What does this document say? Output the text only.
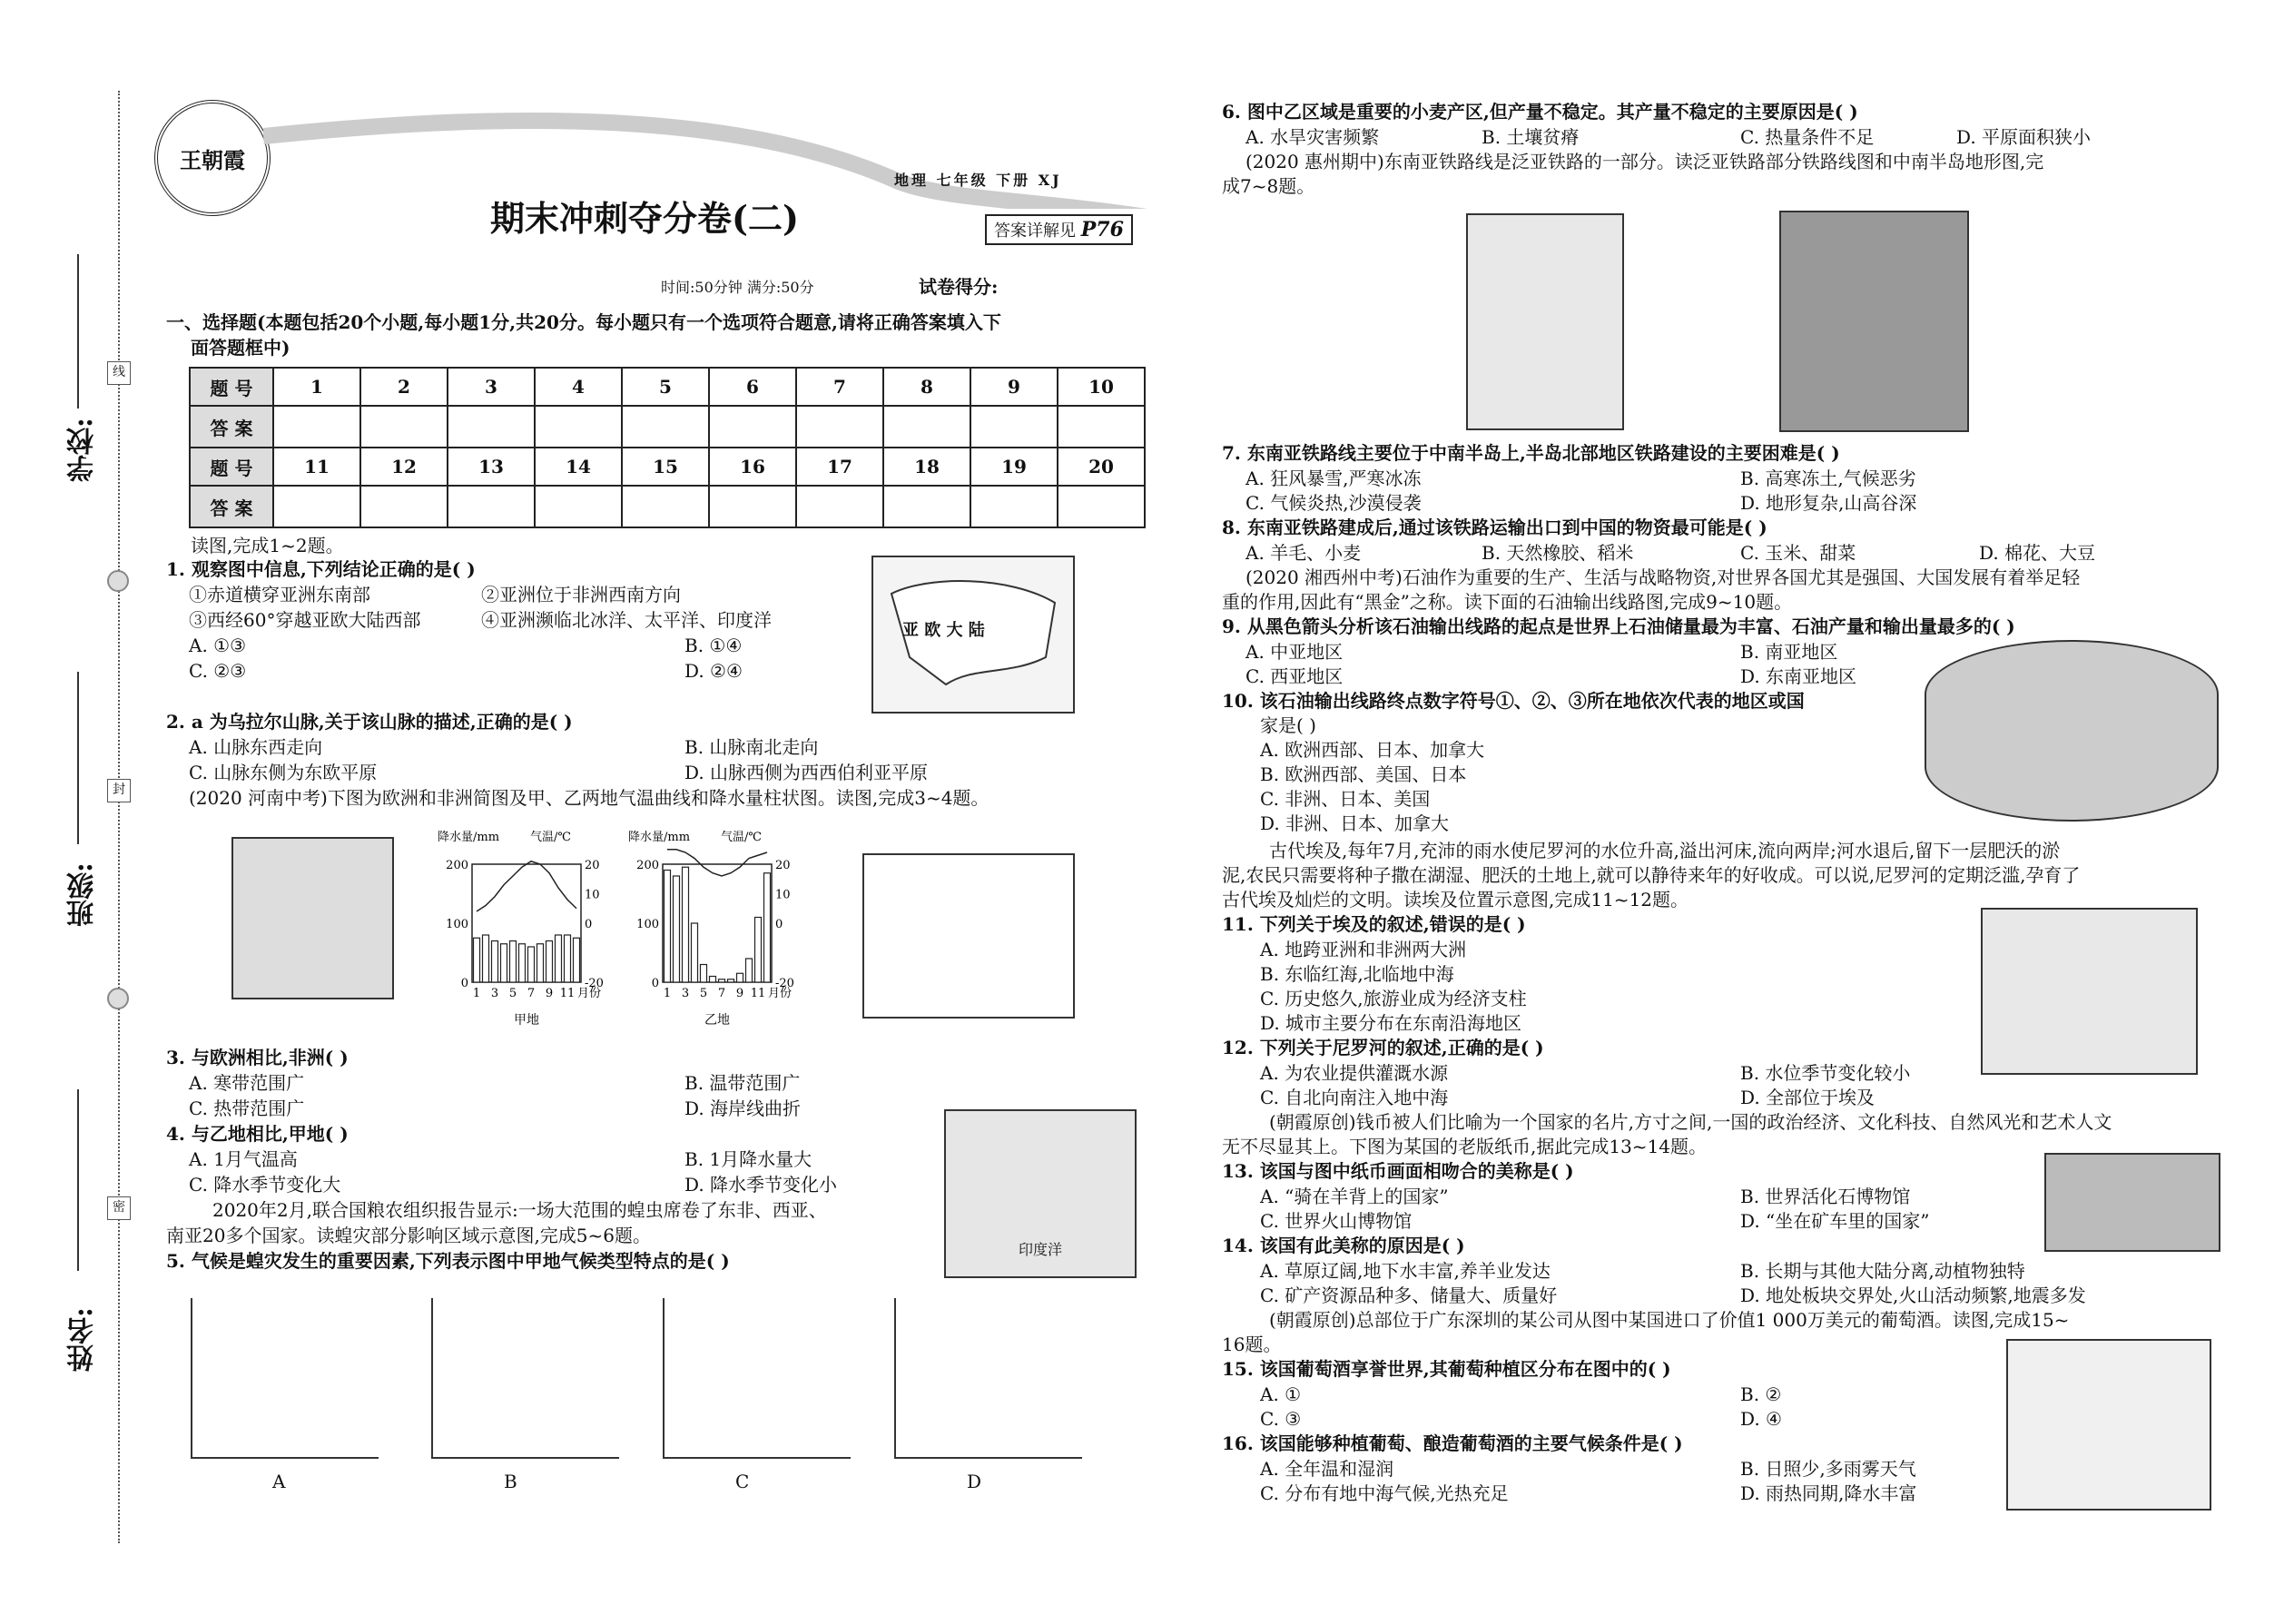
学校:
班级:
姓名:
线
封
密
王朝霞
地理 七年级 下册 XJ
期末冲刺夺分卷(二)	答案详解见 P76
时间:50分钟 满分:50分	试卷得分:
一、选择题(本题包括20个小题,每小题1分,共20分。每小题只有一个选项符合题意,请将正确答案填入下
面答题框中)
题 号	1	2	3	4	5	6	7	8	9	10
答 案										
题 号	11	12	13	14	15	16	17	18	19	20
答 案										
读图,完成1~2题。
1. 观察图中信息,下列结论正确的是( )
①赤道横穿亚洲东南部	②亚洲位于非洲西南方向
③西经60°穿越亚欧大陆西部	④亚洲濒临北冰洋、太平洋、印度洋
A. ①③	B. ①④
C. ②③	D. ②④
亚 欧 大 陆
2. a 为乌拉尔山脉,关于该山脉的描述,正确的是( )
A. 山脉东西走向	B. 山脉南北走向
C. 山脉东侧为东欧平原	D. 山脉西侧为西西伯利亚平原
(2020 河南中考)下图为欧洲和非洲简图及甲、乙两地气温曲线和降水量柱状图。读图,完成3~4题。
降水量/mm	气温/℃
200
100
0
20
10
0
-20
1 3 5 7 9 11 月份
甲地
降水量/mm	气温/℃
200
100
0
20
10
0
-20
1 3 5 7 9 11 月份
乙地
3. 与欧洲相比,非洲( )
A. 寒带范围广	B. 温带范围广
C. 热带范围广	D. 海岸线曲折
4. 与乙地相比,甲地( )
A. 1月气温高	B. 1月降水量大
C. 降水季节变化大	D. 降水季节变化小
2020年2月,联合国粮农组织报告显示:一场大范围的蝗虫席卷了东非、西亚、
南亚20多个国家。读蝗灾部分影响区域示意图,完成5~6题。
印度洋
5. 气候是蝗灾发生的重要因素,下列表示图中甲地气候类型特点的是( )
A	B	C	D
6. 图中乙区域是重要的小麦产区,但产量不稳定。其产量不稳定的主要原因是( )
A. 水旱灾害频繁	B. 土壤贫瘠	C. 热量条件不足	D. 平原面积狭小
(2020 惠州期中)东南亚铁路线是泛亚铁路的一部分。读泛亚铁路部分铁路线图和中南半岛地形图,完
成7~8题。
7. 东南亚铁路线主要位于中南半岛上,半岛北部地区铁路建设的主要困难是( )
A. 狂风暴雪,严寒冰冻	B. 高寒冻土,气候恶劣
C. 气候炎热,沙漠侵袭	D. 地形复杂,山高谷深
8. 东南亚铁路建成后,通过该铁路运输出口到中国的物资最可能是( )
A. 羊毛、小麦	B. 天然橡胶、稻米	C. 玉米、甜菜	D. 棉花、大豆
(2020 湘西州中考)石油作为重要的生产、生活与战略物资,对世界各国尤其是强国、大国发展有着举足轻
重的作用,因此有“黑金”之称。读下面的石油输出线路图,完成9~10题。
9. 从黑色箭头分析该石油输出线路的起点是世界上石油储量最为丰富、石油产量和输出量最多的( )
A. 中亚地区	B. 南亚地区
C. 西亚地区	D. 东南亚地区
10. 该石油输出线路终点数字符号①、②、③所在地依次代表的地区或国
家是( )
A. 欧洲西部、日本、加拿大
B. 欧洲西部、美国、日本
C. 非洲、日本、美国
D. 非洲、日本、加拿大
古代埃及,每年7月,充沛的雨水使尼罗河的水位升高,溢出河床,流向两岸;河水退后,留下一层肥沃的淤
泥,农民只需要将种子撒在湖湿、肥沃的土地上,就可以静待来年的好收成。可以说,尼罗河的定期泛滥,孕育了
古代埃及灿烂的文明。读埃及位置示意图,完成11~12题。
11. 下列关于埃及的叙述,错误的是( )
A. 地跨亚洲和非洲两大洲
B. 东临红海,北临地中海
C. 历史悠久,旅游业成为经济支柱
D. 城市主要分布在东南沿海地区
12. 下列关于尼罗河的叙述,正确的是( )
A. 为农业提供灌溉水源	B. 水位季节变化较小
C. 自北向南注入地中海	D. 全部位于埃及
(朝霞原创)钱币被人们比喻为一个国家的名片,方寸之间,一国的政治经济、文化科技、自然风光和艺术人文
无不尽显其上。下图为某国的老版纸币,据此完成13~14题。
13. 该国与图中纸币画面相吻合的美称是( )
A. “骑在羊背上的国家”	B. 世界活化石博物馆
C. 世界火山博物馆	D. “坐在矿车里的国家”
14. 该国有此美称的原因是( )
A. 草原辽阔,地下水丰富,养羊业发达	B. 长期与其他大陆分离,动植物独特
C. 矿产资源品种多、储量大、质量好	D. 地处板块交界处,火山活动频繁,地震多发
(朝霞原创)总部位于广东深圳的某公司从图中某国进口了价值1 000万美元的葡萄酒。读图,完成15~
16题。
15. 该国葡萄酒享誉世界,其葡萄种植区分布在图中的( )
A. ①	B. ②
C. ③	D. ④
16. 该国能够种植葡萄、酿造葡萄酒的主要气候条件是( )
A. 全年温和湿润	B. 日照少,多雨雾天气
C. 分布有地中海气候,光热充足	D. 雨热同期,降水丰富
